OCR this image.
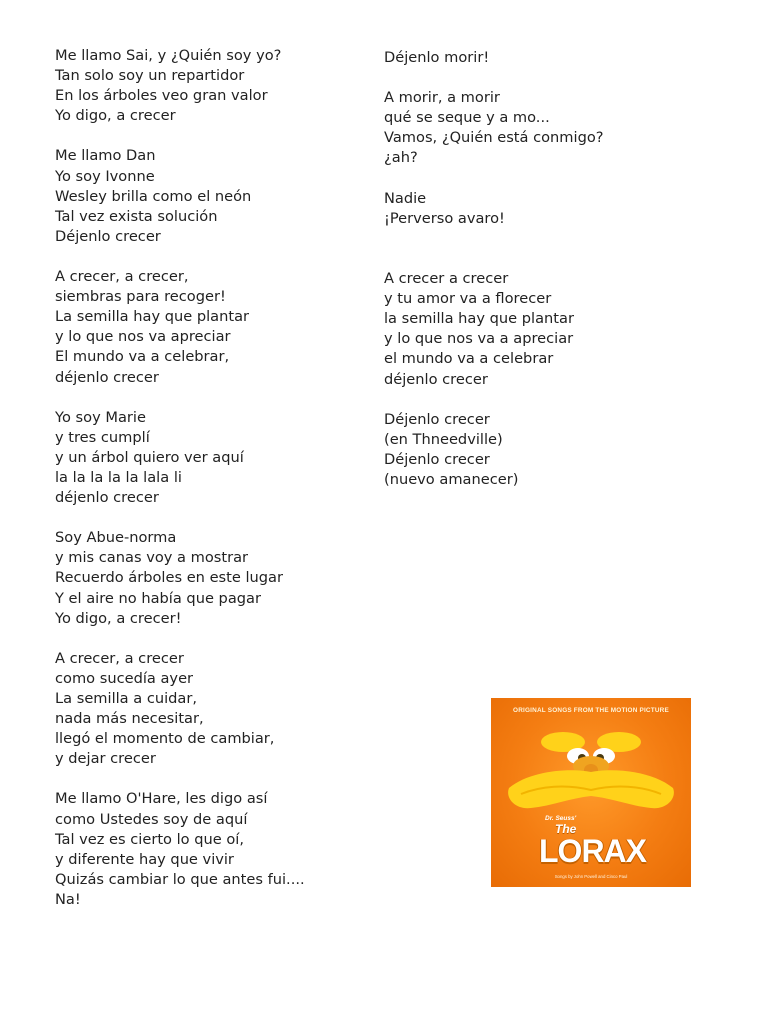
Me llamo Sai, y ¿Quién soy yo?
Tan solo soy un repartidor
En los árboles veo gran valor
Yo digo, a crecer
Me llamo Dan
Yo soy Ivonne
Wesley brilla como el neón
Tal vez exista solución
Déjenlo crecer
A crecer, a crecer,
siembras para recoger!
La semilla hay que plantar
y lo que nos va apreciar
El mundo va a celebrar,
déjenlo crecer
Yo soy Marie
y tres cumplí
y un árbol quiero ver aquí
la la la la la lala li
déjenlo crecer
Soy Abue-norma
y mis canas voy a mostrar
Recuerdo árboles en este lugar
Y el aire no había que pagar
Yo digo, a crecer!
A crecer, a crecer
como sucedía ayer
La semilla a cuidar,
nada más necesitar,
llegó el momento de cambiar,
y dejar crecer
Me llamo O'Hare, les digo así
como Ustedes soy de aquí
Tal vez es cierto lo que oí,
y diferente hay que vivir
Quizás cambiar lo que antes fui....
Na!
Déjenlo morir!
A morir, a morir
qué se seque y a mo...
Vamos, ¿Quién está conmigo?
¿ah?
Nadie
¡Perverso avaro!
A crecer a crecer
y tu amor va a florecer
la semilla hay que plantar
y lo que nos va a apreciar
el mundo va a celebrar
déjenlo crecer
Déjenlo crecer
(en Thneedville)
Déjenlo crecer
(nuevo amanecer)
ORIGINAL SONGS FROM THE MOTION PICTURE
Dr. Seuss'
The
LORAX
Songs by John Powell and Cinco Paul
